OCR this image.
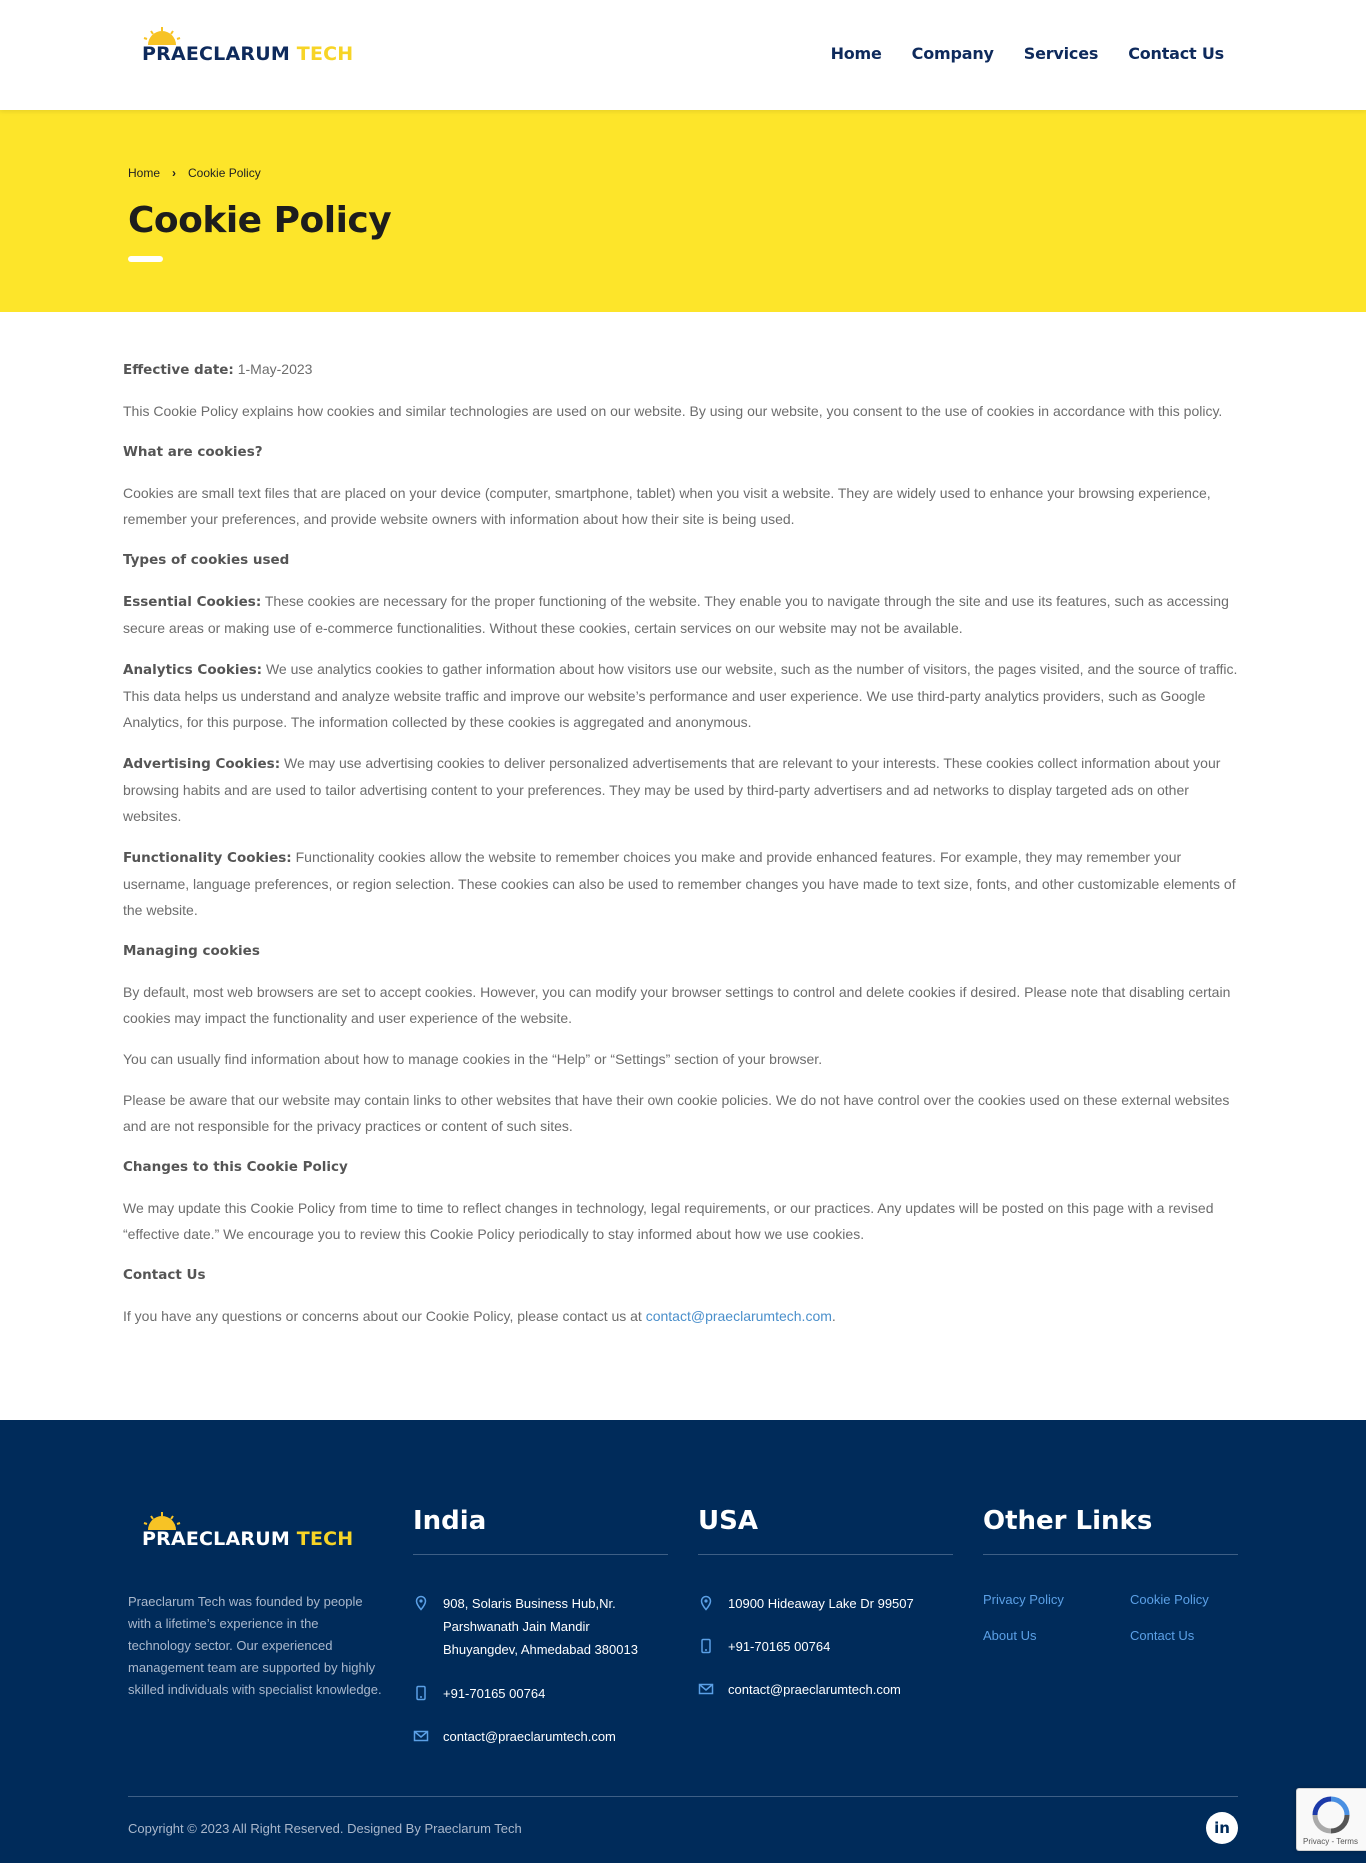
PRAECLARUM TECH	Home Company Services Contact Us
Home › Cookie Policy
Cookie Policy

Effective date: 1-May-2023

This Cookie Policy explains how cookies and similar technologies are used on our website. By using our website, you consent to the use of cookies in accordance with this policy.

What are cookies?

Cookies are small text files that are placed on your device (computer, smartphone, tablet) when you visit a website. They are widely used to enhance your browsing experience, remember your preferences, and provide website owners with information about how their site is being used.

Types of cookies used

Essential Cookies: These cookies are necessary for the proper functioning of the website. They enable you to navigate through the site and use its features, such as accessing secure areas or making use of e-commerce functionalities. Without these cookies, certain services on our website may not be available.

Analytics Cookies: We use analytics cookies to gather information about how visitors use our website, such as the number of visitors, the pages visited, and the source of traffic. This data helps us understand and analyze website traffic and improve our website’s performance and user experience. We use third-party analytics providers, such as Google Analytics, for this purpose. The information collected by these cookies is aggregated and anonymous.

Advertising Cookies: We may use advertising cookies to deliver personalized advertisements that are relevant to your interests. These cookies collect information about your browsing habits and are used to tailor advertising content to your preferences. They may be used by third-party advertisers and ad networks to display targeted ads on other websites.

Functionality Cookies: Functionality cookies allow the website to remember choices you make and provide enhanced features. For example, they may remember your username, language preferences, or region selection. These cookies can also be used to remember changes you have made to text size, fonts, and other customizable elements of the website.

Managing cookies

By default, most web browsers are set to accept cookies. However, you can modify your browser settings to control and delete cookies if desired. Please note that disabling certain cookies may impact the functionality and user experience of the website.

You can usually find information about how to manage cookies in the “Help” or “Settings” section of your browser.

Please be aware that our website may contain links to other websites that have their own cookie policies. We do not have control over the cookies used on these external websites and are not responsible for the privacy practices or content of such sites.

Changes to this Cookie Policy

We may update this Cookie Policy from time to time to reflect changes in technology, legal requirements, or our practices. Any updates will be posted on this page with a revised “effective date.” We encourage you to review this Cookie Policy periodically to stay informed about how we use cookies.

Contact Us

If you have any questions or concerns about our Cookie Policy, please contact us at contact@praeclarumtech.com.

PRAECLARUM TECH

Praeclarum Tech was founded by people with a lifetime’s experience in the technology sector. Our experienced management team are supported by highly skilled individuals with specialist knowledge.

India
908, Solaris Business Hub,Nr.
Parshwanath Jain Mandir
Bhuyangdev, Ahmedabad 380013
+91-70165 00764
contact@praeclarumtech.com
USA
10900 Hideaway Lake Dr 99507
+91-70165 00764
contact@praeclarumtech.com
Other Links
Privacy Policy	Cookie Policy
About Us	Contact Us
Copyright © 2023 All Right Reserved. Designed By Praeclarum Tech	in
Privacy - Terms
